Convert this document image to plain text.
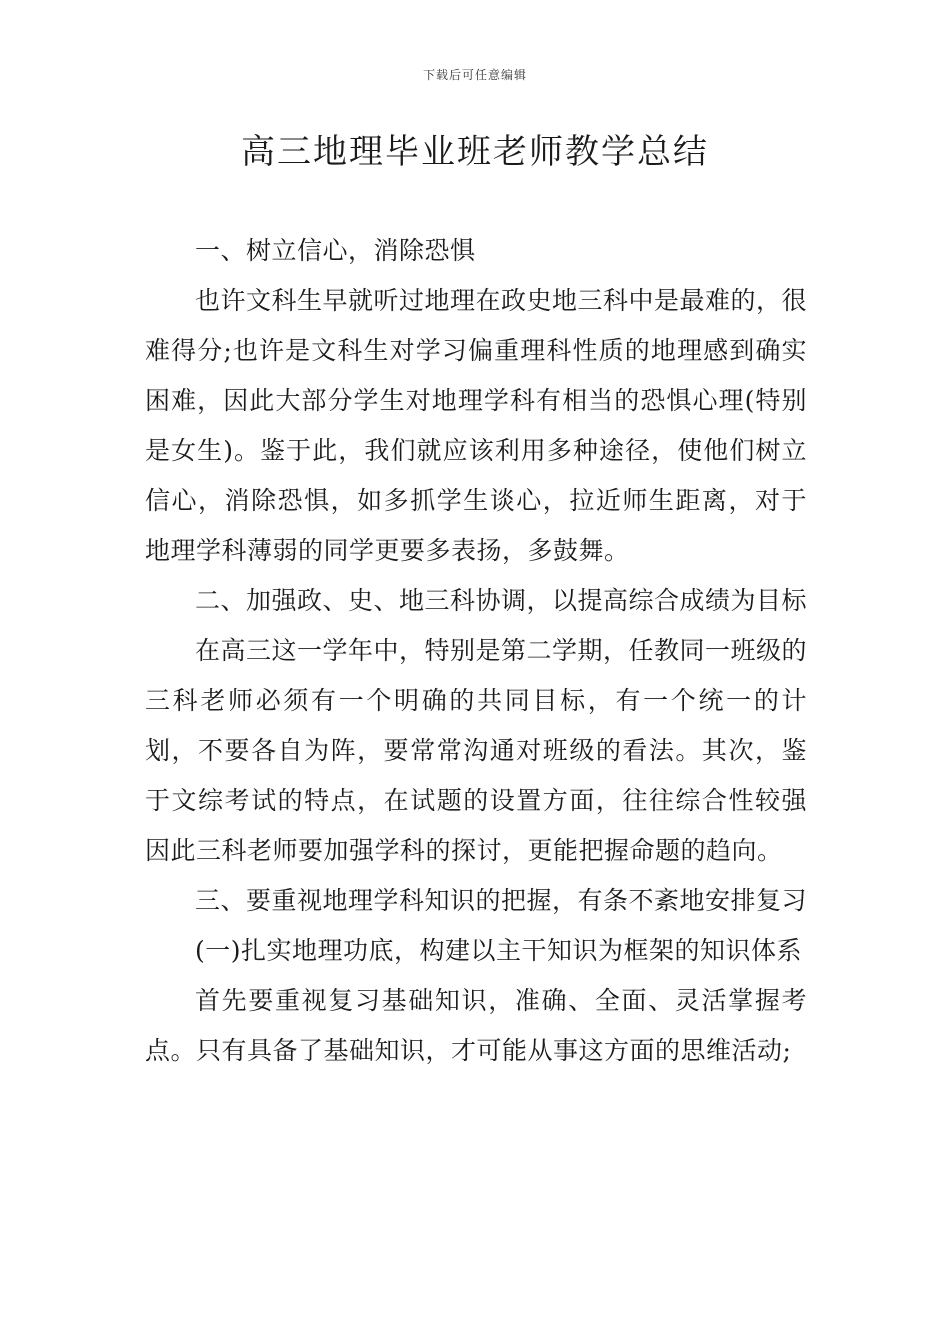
下载后可任意编辑
高三地理毕业班老师教学总结

一、树立信心，消除恐惧

也许文科生早就听过地理在政史地三科中是最难的，很难得分;也许是文科生对学习偏重理科性质的地理感到确实困难，因此大部分学生对地理学科有相当的恐惧心理(特别是女生)。鉴于此，我们就应该利用多种途径，使他们树立信心，消除恐惧，如多抓学生谈心，拉近师生距离，对于地理学科薄弱的同学更要多表扬，多鼓舞。

二、加强政、史、地三科协调，以提高综合成绩为目标

在高三这一学年中，特别是第二学期，任教同一班级的三科老师必须有一个明确的共同目标，有一个统一的计划，不要各自为阵，要常常沟通对班级的看法。其次，鉴于文综考试的特点，在试题的设置方面，往往综合性较强因此三科老师要加强学科的探讨，更能把握命题的趋向。

三、要重视地理学科知识的把握，有条不紊地安排复习

(一)扎实地理功底，构建以主干知识为框架的知识体系

首先要重视复习基础知识，准确、全面、灵活掌握考点。只有具备了基础知识，才可能从事这方面的思维活动;
